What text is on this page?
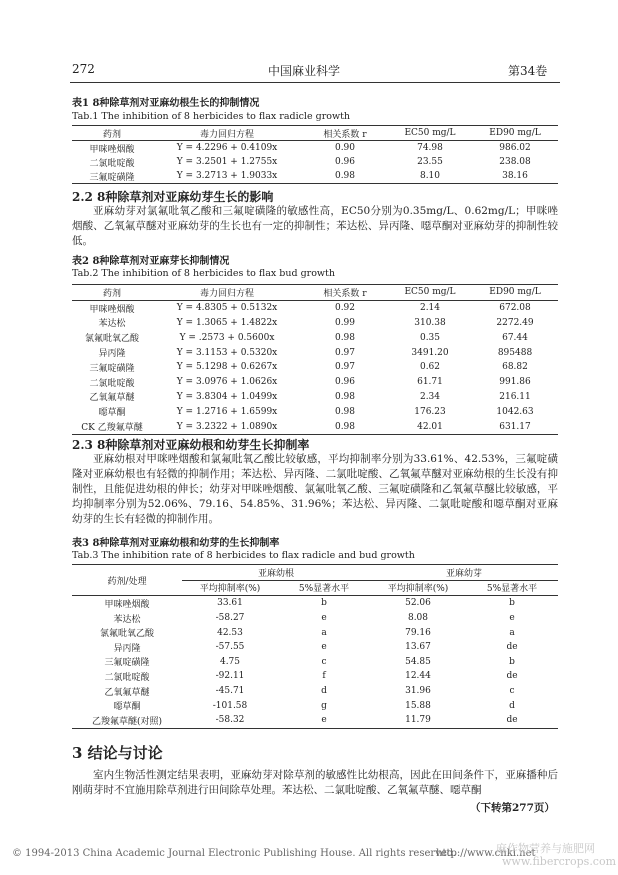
272	中国麻业科学	第34卷
表1 8种除草剂对亚麻幼根生长的抑制情况
Tab.1 The inhibition of 8 herbicides to flax radicle growth
药剂	毒力回归方程	相关系数 r	EC50 mg/L	ED90 mg/L
甲咪唑烟酸	Y = 4.2296 + 0.4109x	0.90	74.98	986.02
二氯吡啶酸	Y = 3.2501 + 1.2755x	0.96	23.55	238.08
三氟啶磺隆	Y = 3.2713 + 1.9033x	0.98	8.10	38.16
2.2 8种除草剂对亚麻幼芽生长的影响

亚麻幼芽对氯氟吡氧乙酸和三氟啶磺隆的敏感性高，EC50分别为0.35mg/L、0.62mg/L；甲咪唑烟酸、乙氧氟草醚对亚麻幼芽的生长也有一定的抑制性；苯达松、异丙隆、噁草酮对亚麻幼芽的抑制性较低。

表2 8种除草剂对亚麻芽长抑制情况
Tab.2 The inhibition of 8 herbicides to flax bud growth
药剂	毒力回归方程	相关系数 r	EC50 mg/L	ED90 mg/L
甲咪唑烟酸	Y = 4.8305 + 0.5132x	0.92	2.14	672.08
苯达松	Y = 1.3065 + 1.4822x	0.99	310.38	2272.49
氯氟吡氧乙酸	Y = .2573 + 0.5600x	0.98	0.35	67.44
异丙隆	Y = 3.1153 + 0.5320x	0.97	3491.20	895488
三氟啶磺隆	Y = 5.1298 + 0.6267x	0.97	0.62	68.82
二氯吡啶酸	Y = 3.0976 + 1.0626x	0.96	61.71	991.86
乙氧氟草醚	Y = 3.8304 + 1.0499x	0.98	2.34	216.11
噁草酮	Y = 1.2716 + 1.6599x	0.98	176.23	1042.63
CK 乙羧氟草醚	Y = 3.2322 + 1.0890x	0.98	42.01	631.17
2.3 8种除草剂对亚麻幼根和幼芽生长抑制率

亚麻幼根对甲咪唑烟酸和氯氟吡氧乙酸比较敏感，平均抑制率分别为33.61%、42.53%，三氟啶磺隆对亚麻幼根也有轻微的抑制作用；苯达松、异丙隆、二氯吡啶酸、乙氧氟草醚对亚麻幼根的生长没有抑制性，且能促进幼根的伸长；幼芽对甲咪唑烟酸、氯氟吡氧乙酸、三氟啶磺隆和乙氧氟草醚比较敏感，平均抑制率分别为52.06%、79.16、54.85%、31.96%；苯达松、异丙隆、二氯吡啶酸和噁草酮对亚麻幼芽的生长有轻微的抑制作用。

表3 8种除草剂对亚麻幼根和幼芽的生长抑制率
Tab.3 The inhibition rate of 8 herbicides to flax radicle and bud growth
药剂/处理	亚麻幼根		亚麻幼芽	
	平均抑制率(%)	5%显著水平	平均抑制率(%)	5%显著水平
甲咪唑烟酸	33.61	b	52.06	b
苯达松	-58.27	e	8.08	e
氯氟吡氧乙酸	42.53	a	79.16	a
异丙隆	-57.55	e	13.67	de
三氟啶磺隆	4.75	c	54.85	b
二氯吡啶酸	-92.11	f	12.44	de
乙氧氟草醚	-45.71	d	31.96	c
噁草酮	-101.58	g	15.88	d
乙羧氟草醚(对照)	-58.32	e	11.79	de
3 结论与讨论

室内生物活性测定结果表明，亚麻幼芽对除草剂的敏感性比幼根高，因此在田间条件下，亚麻播种后刚萌芽时不宜施用除草剂进行田间除草处理。苯达松、二氯吡啶酸、乙氧氟草醚、噁草酮

（下转第277页）
© 1994-2013 China Academic Journal Electronic Publishing House. All rights reserved.
http://www.cnki.net
麻作物营养与施肥网
www.fibercrops.com
